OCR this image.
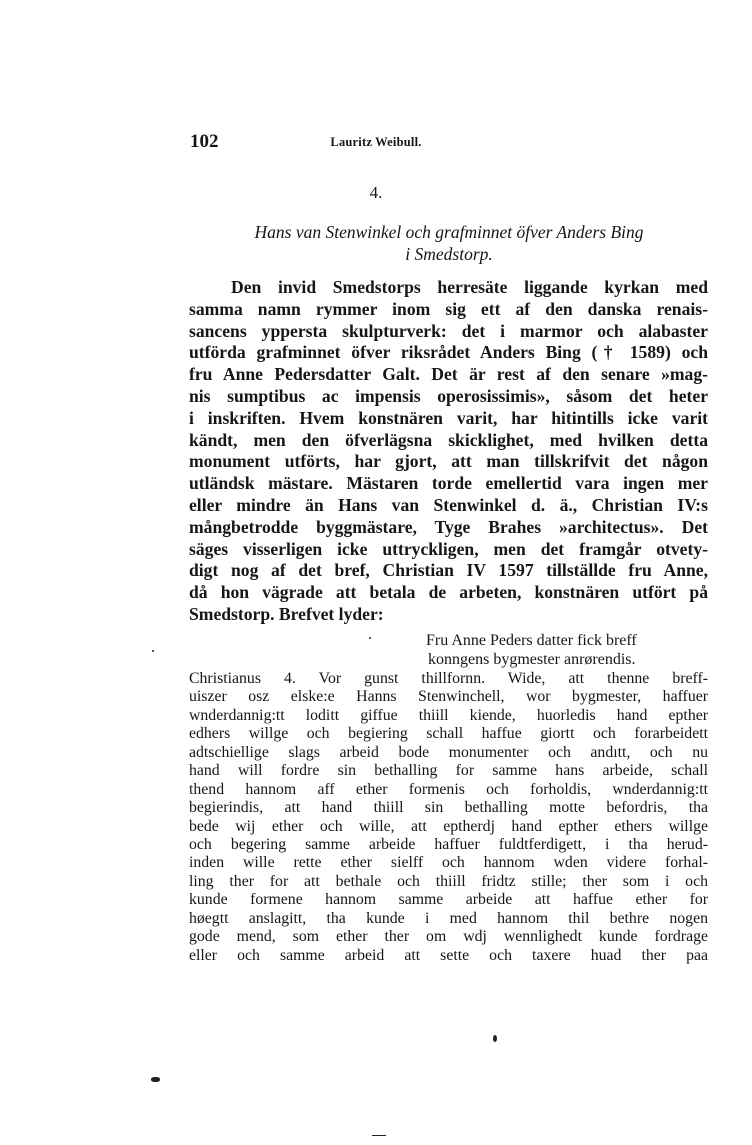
102	Lauritz Weibull.
4.
Hans van Stenwinkel och grafminnet öfver Anders Bing
i Smedstorp.
Den invid Smedstorps herresäte liggande kyrkan med
samma namn rymmer inom sig ett af den danska renais-
sancens yppersta skulpturverk: det i marmor och alabaster
utförda grafminnet öfver riksrådet Anders Bing († 1589) och
fru Anne Pedersdatter Galt. Det är rest af den senare »mag-
nis sumptibus ac impensis operosissimis», såsom det heter
i inskriften. Hvem konstnären varit, har hitintills icke varit
kändt, men den öfverlägsna skicklighet, med hvilken detta
monument utförts, har gjort, att man tillskrifvit det någon
utländsk mästare. Mästaren torde emellertid vara ingen mer
eller mindre än Hans van Stenwinkel d. ä., Christian IV:s
mångbetrodde byggmästare, Tyge Brahes »architectus». Det
säges visserligen icke uttryckligen, men det framgår otvety-
digt nog af det bref, Christian IV 1597 tillställde fru Anne,
då hon vägrade att betala de arbeten, konstnären utfört på
Smedstorp. Brefvet lyder:
Fru Anne Peders datter fick breff
konngens bygmester anrørendis.
Christianus 4. Vor gunst thillfornn. Wide, att thenne breff-
uiszer osz elske:e Hanns Stenwinchell, wor bygmester, haffuer
wnderdannig:tt loditt giffue thiill kiende, huorledis hand epther
edhers willge och begiering schall haffue giortt och forarbeidett
adtschiellige slags arbeid bode monumenter och andıtt, och nu
hand will fordre sin bethalling for samme hans arbeide, schall
thend hannom aff ether formenis och forholdis, wnderdannig:tt
begierindis, att hand thiill sin bethalling motte befordris, tha
bede wij ether och wille, att eptherdj hand epther ethers willge
och begering samme arbeide haffuer fuldtferdigett, i tha herud-
inden wille rette ether sielff och hannom wden videre forhal-
ling ther for att bethale och thiill fridtz stille; ther som i och
kunde formene hannom samme arbeide att haffue ether for
høegtt anslagitt, tha kunde i med hannom thil bethre nogen
gode mend, som ether ther om wdj wennlighedt kunde fordrage
eller och samme arbeid att sette och taxere huad ther paa
